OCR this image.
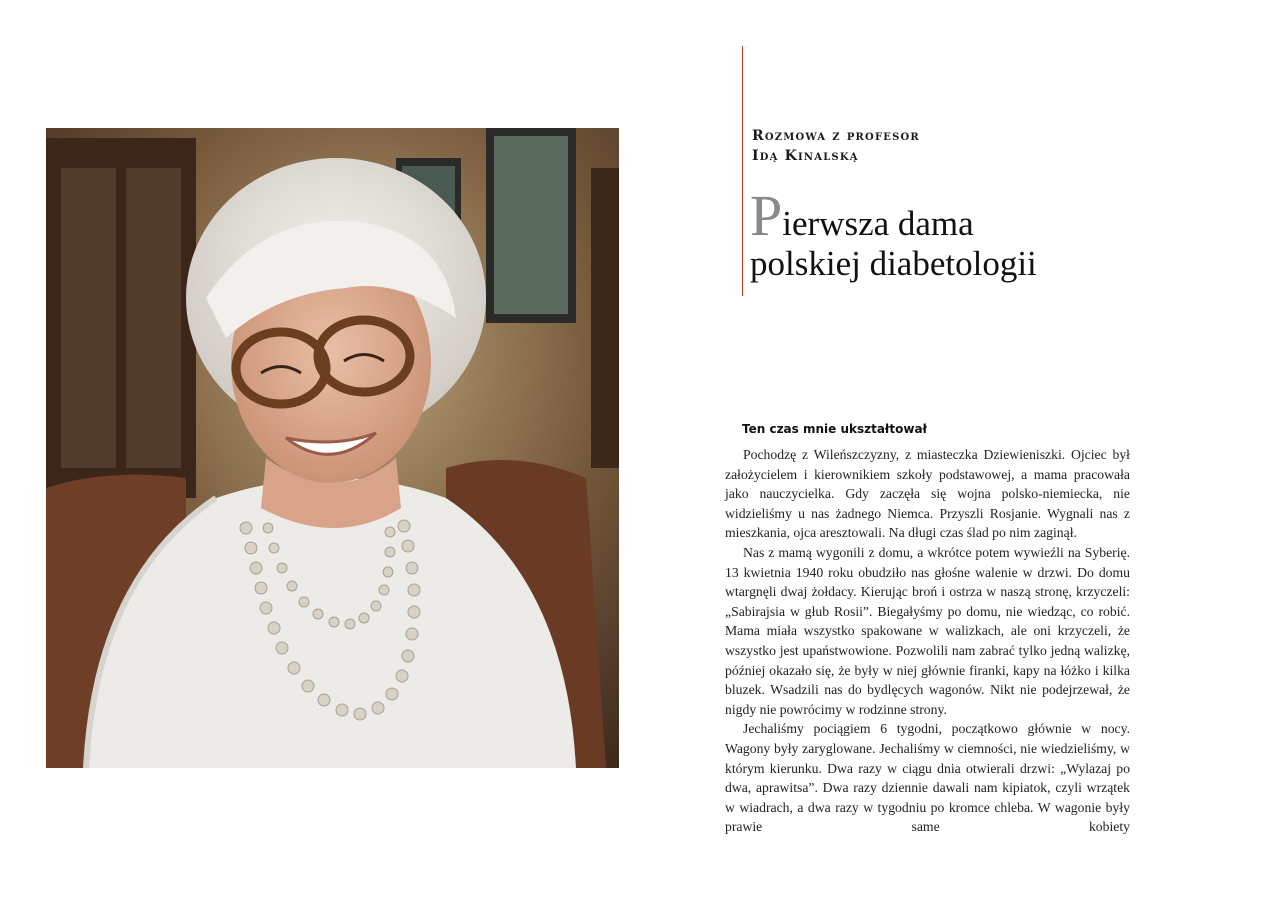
Rozmowa z profesor
Idą Kinalską
Pierwsza dama
polskiej diabetologii
Ten czas mnie ukształtował

Pochodzę z Wileńszczyzny, z miasteczka Dziewieniszki. Ojciec był założycielem i kierownikiem szkoły podstawowej, a mama pracowała jako nauczycielka. Gdy zaczęła się wojna polsko-niemiecka, nie widzieliśmy u nas żadnego Niemca. Przyszli Rosjanie. Wygnali nas z mieszkania, ojca aresztowali. Na długi czas ślad po nim zaginął.

Nas z mamą wygonili z domu, a wkrótce potem wywieźli na Syberię. 13 kwietnia 1940 roku obudziło nas głośne walenie w drzwi. Do domu wtargnęli dwaj żołdacy. Kierując broń i ostrza w naszą stronę, krzyczeli: „Sabirajsia w głub Rosii”. Biegałyśmy po domu, nie wiedząc, co robić. Mama miała wszystko spakowane w walizkach, ale oni krzyczeli, że wszystko jest upaństwowione. Pozwolili nam zabrać tylko jedną walizkę, później okazało się, że były w niej głównie firanki, kapy na łóżko i kilka bluzek. Wsadzili nas do bydlęcych wagonów. Nikt nie podejrzewał, że nigdy nie powrócimy w rodzinne strony.

Jechaliśmy pociągiem 6 tygodni, początkowo głównie w nocy. Wagony były zaryglowane. Jechaliśmy w ciemności, nie wiedzieliśmy, w którym kierunku. Dwa razy w ciągu dnia otwierali drzwi: „Wylazaj po dwa, aprawitsa”. Dwa razy dziennie dawali nam kipiatok, czyli wrzątek w wiadrach, a dwa razy w tygodniu po kromce chleba. W wagonie były prawie same kobiety
